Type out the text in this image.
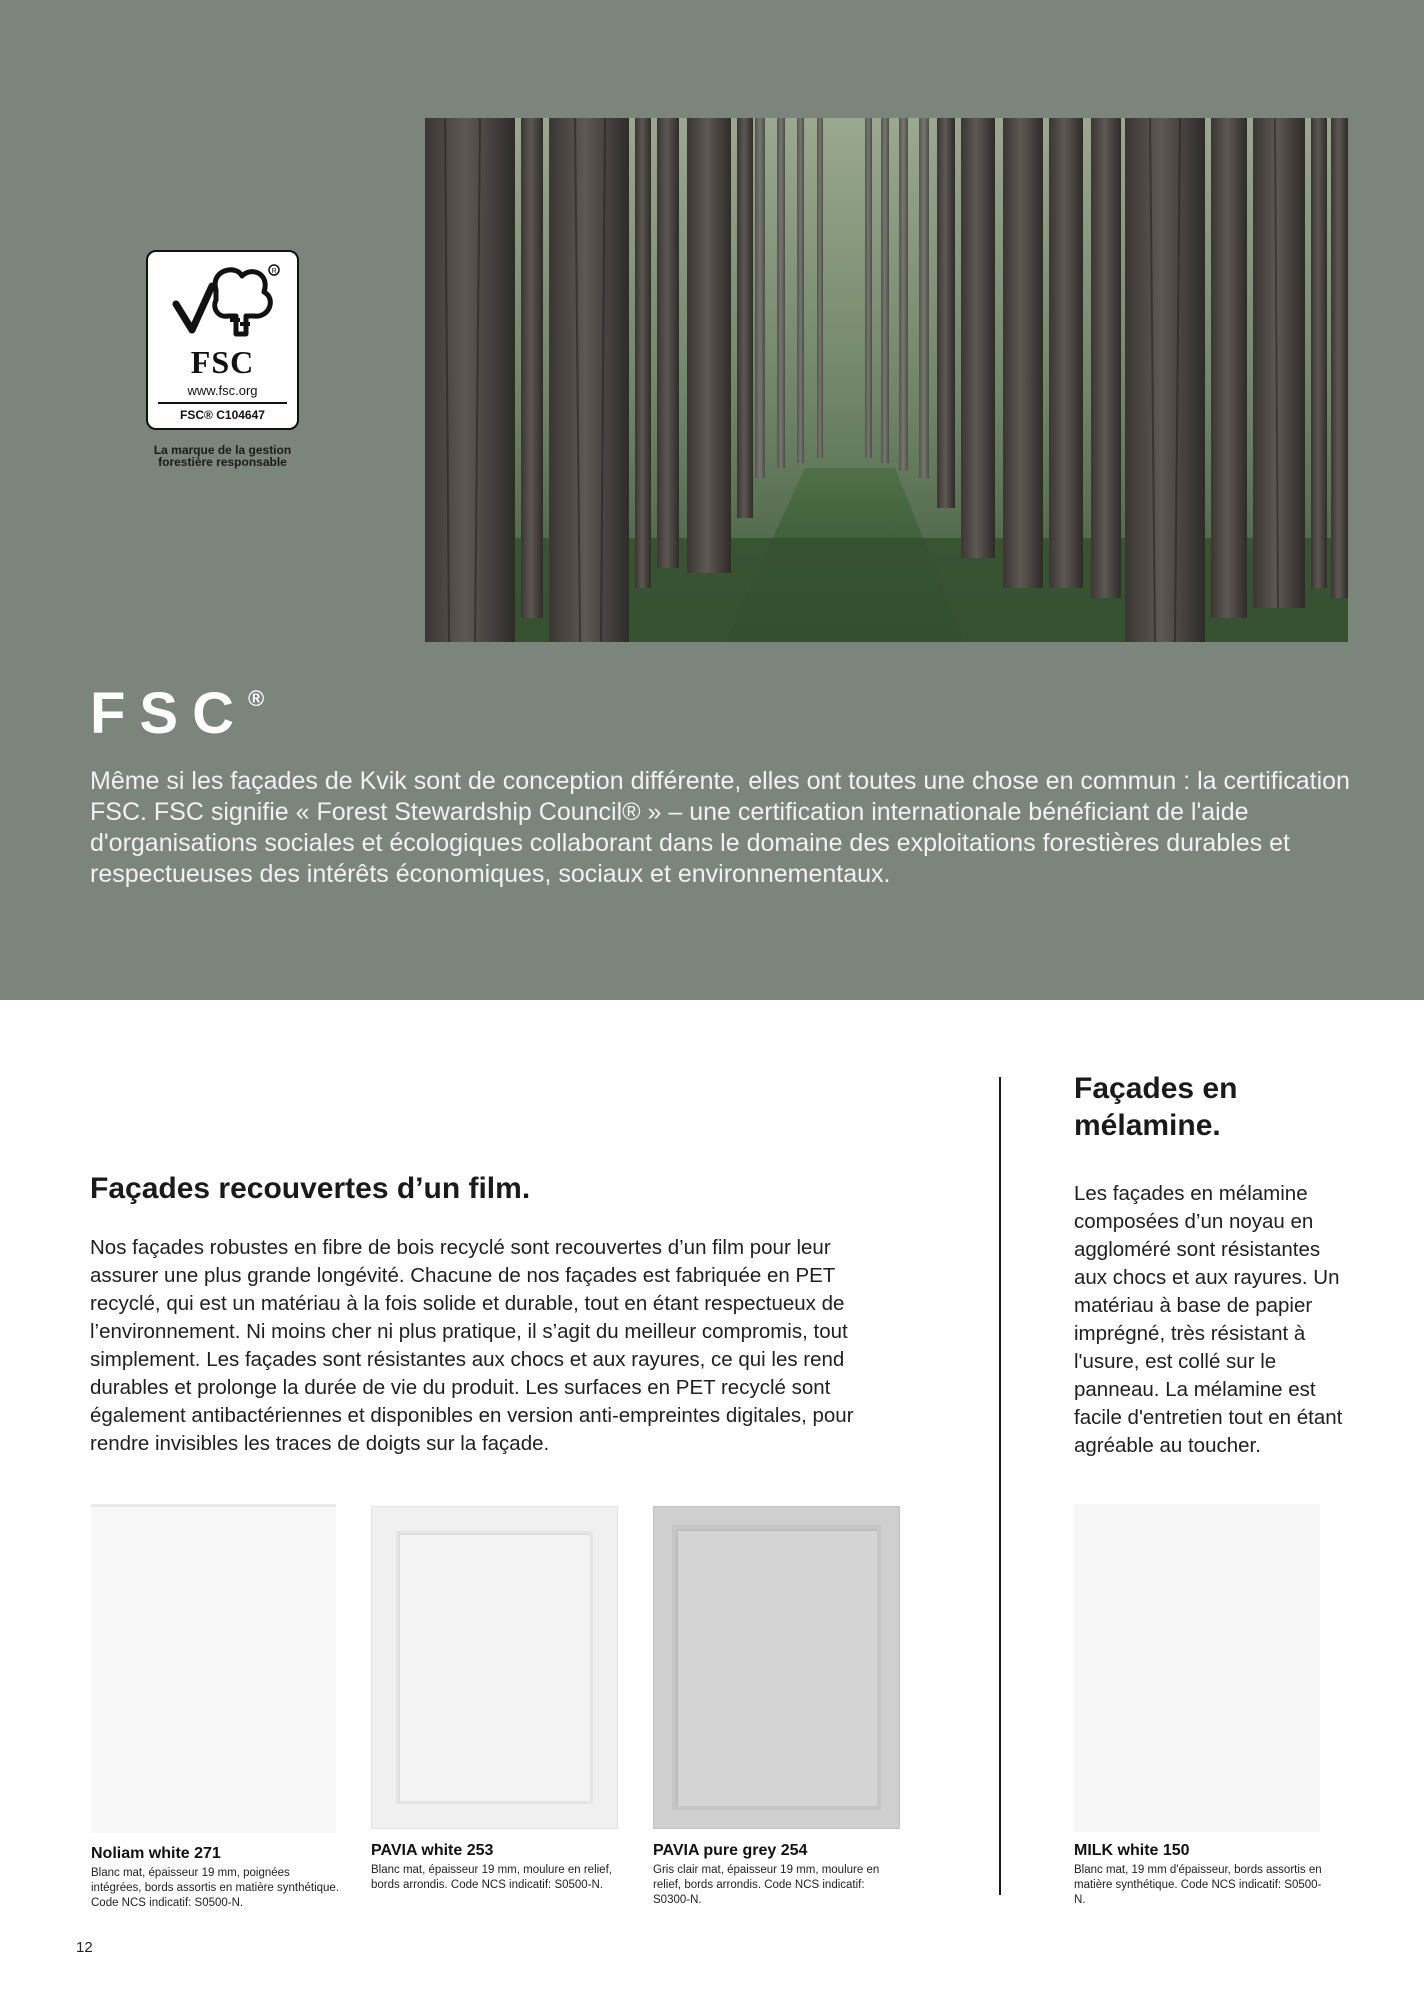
R
FSC
www.fsc.org
FSC® C104647
La marque de la gestion forestière responsable
FSC®

Même si les façades de Kvik sont de conception différente, elles ont toutes une chose en commun : la certification FSC. FSC signifie « Forest Stewardship Council® » – une certification internationale bénéficiant de l'aide d'organisations sociales et écologiques collaborant dans le domaine des exploitations forestières durables et respectueuses des intérêts économiques, sociaux et environnementaux.

Façades recouvertes d’un film.

Nos façades robustes en fibre de bois recyclé sont recouvertes d’un film pour leur assurer une plus grande longévité. Chacune de nos façades est fabriquée en PET recyclé, qui est un matériau à la fois solide et durable, tout en étant respectueux de l’environnement. Ni moins cher ni plus pratique, il s’agit du meilleur compromis, tout simplement. Les façades sont résistantes aux chocs et aux rayures, ce qui les rend durables et prolonge la durée de vie du produit. Les surfaces en PET recyclé sont également antibactériennes et disponibles en version anti-empreintes digitales, pour rendre invisibles les traces de doigts sur la façade.

Façades en mélamine.

Les façades en mélamine composées d’un noyau en aggloméré sont résistantes aux chocs et aux rayures. Un matériau à base de papier imprégné, très résistant à l'usure, est collé sur le panneau. La mélamine est facile d'entretien tout en étant agréable au toucher.

Noliam white 271
Blanc mat, épaisseur 19 mm, poignées intégrées, bords assortis en matière synthétique. Code NCS indicatif: S0500-N.
PAVIA white 253
Blanc mat, épaisseur 19 mm, moulure en relief, bords arrondis. Code NCS indicatif: S0500-N.
PAVIA pure grey 254
Gris clair mat, épaisseur 19 mm, moulure en relief, bords arrondis. Code NCS indicatif: S0300-N.
MILK white 150
Blanc mat, 19 mm d'épaisseur, bords assortis en matière synthétique. Code NCS indicatif: S0500-N.
12
